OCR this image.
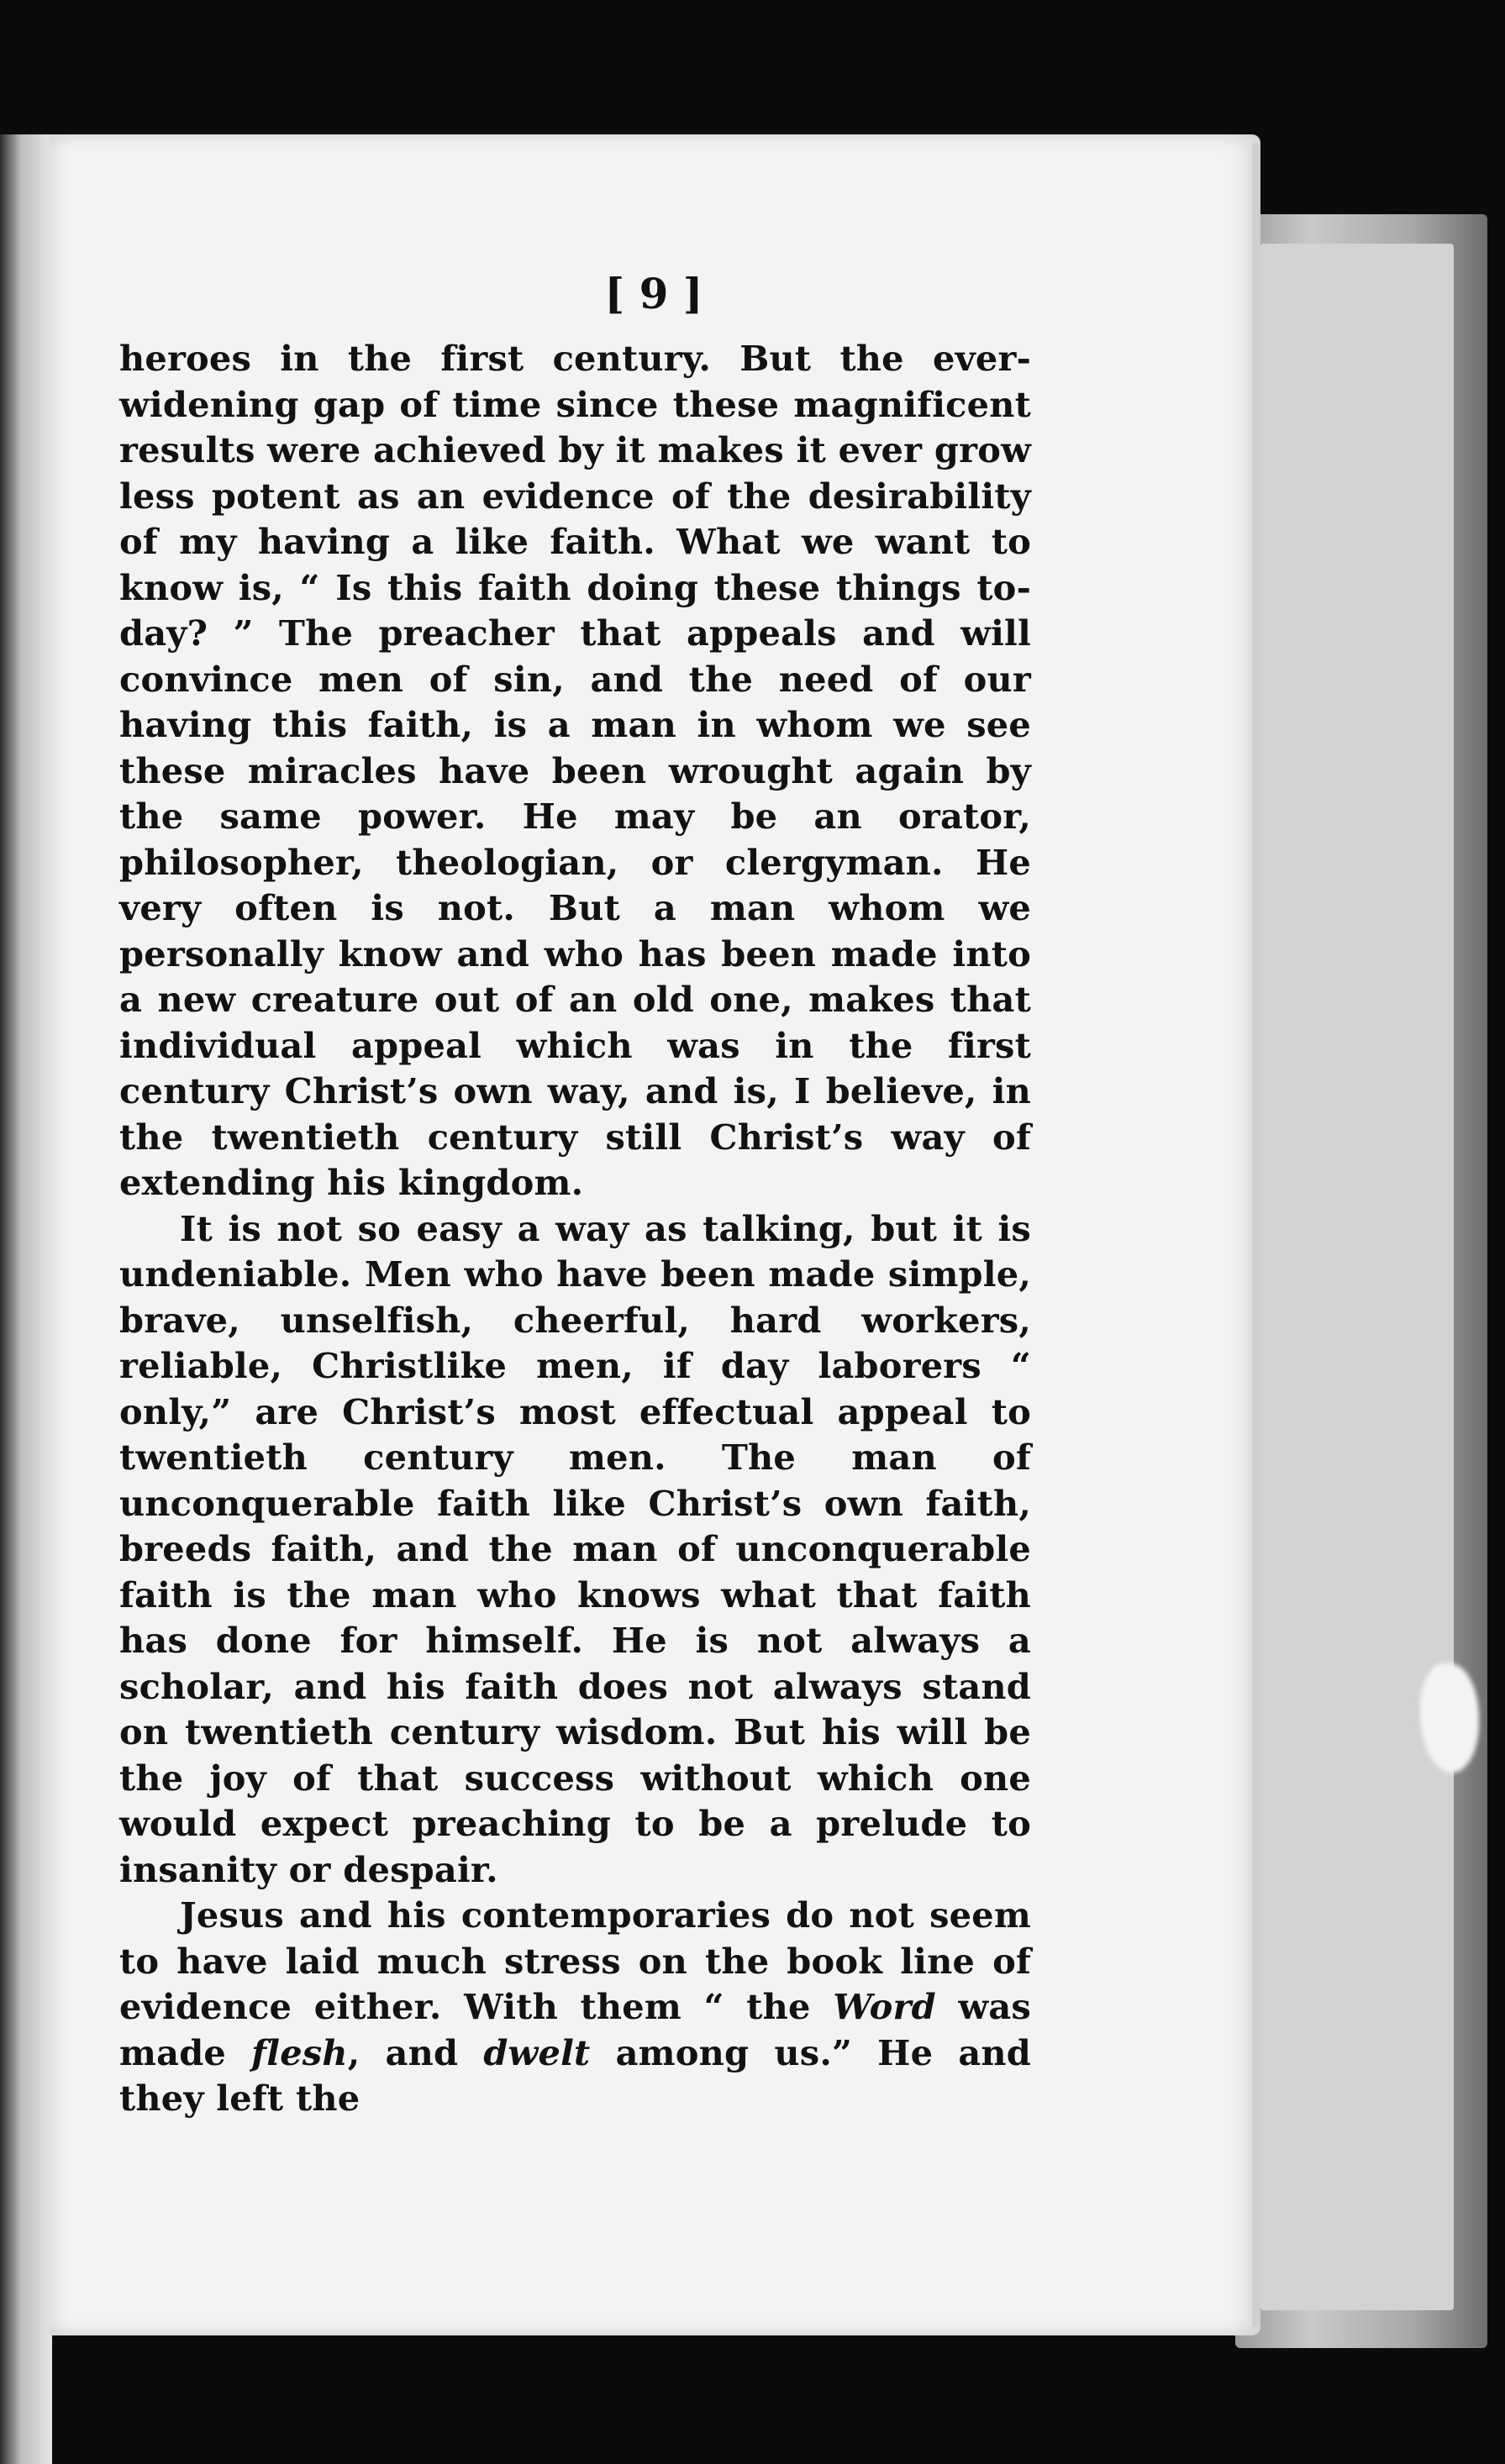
[ 9 ]

heroes in the first century. But the ever-widening gap of time since these magnificent results were achieved by it makes it ever grow less potent as an evidence of the desirability of my having a like faith. What we want to know is, “ Is this faith doing these things to-day? ” The preacher that appeals and will convince men of sin, and the need of our having this faith, is a man in whom we see these miracles have been wrought again by the same power. He may be an orator, philosopher, theologian, or clergyman. He very often is not. But a man whom we personally know and who has been made into a new creature out of an old one, makes that individual appeal which was in the first century Christ’s own way, and is, I believe, in the twentieth century still Christ’s way of extending his kingdom.

It is not so easy a way as talking, but it is undeniable. Men who have been made simple, brave, unselfish, cheerful, hard workers, reliable, Christlike men, if day laborers “ only,” are Christ’s most effectual appeal to twentieth century men. The man of unconquerable faith like Christ’s own faith, breeds faith, and the man of unconquerable faith is the man who knows what that faith has done for himself. He is not always a scholar, and his faith does not always stand on twentieth century wisdom. But his will be the joy of that success without which one would expect preaching to be a prelude to insanity or despair.

Jesus and his contemporaries do not seem to have laid much stress on the book line of evidence either. With them “ the Word was made flesh, and dwelt among us.” He and they left the
